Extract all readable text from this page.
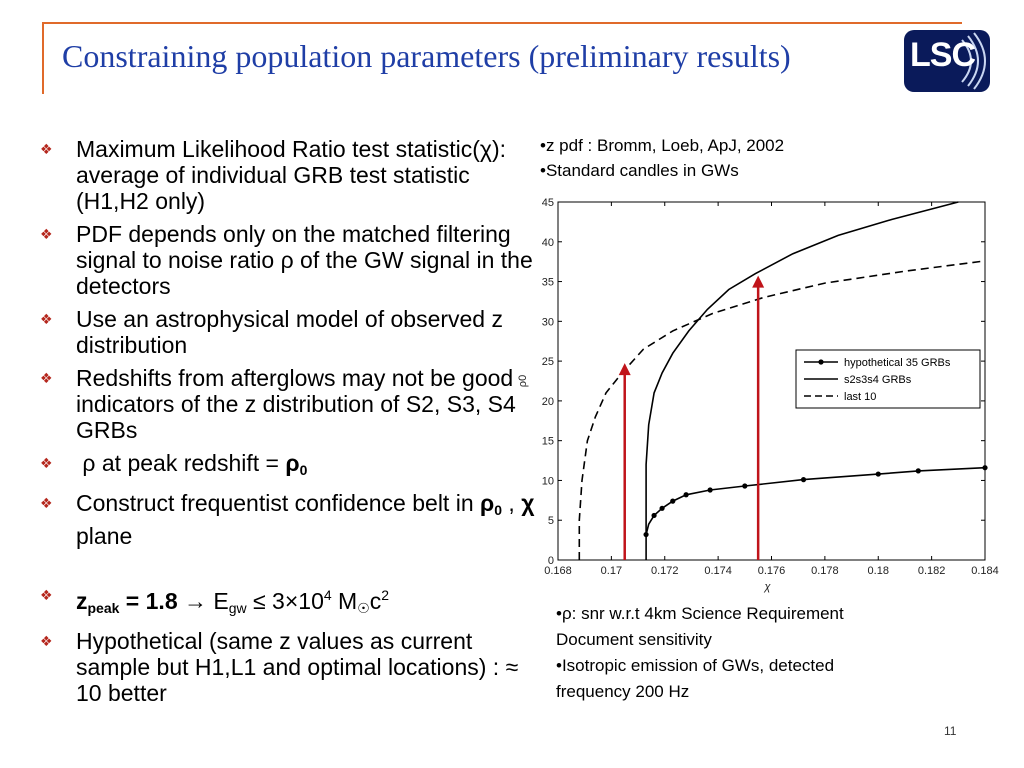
Constraining population parameters (preliminary results)	LSC
❖ Maximum Likelihood Ratio test statistic(χ): average of individual GRB test statistic (H1,H2 only)
❖ PDF depends only on the matched filtering signal to noise ratio ρ of the GW signal in the detectors
❖ Use an astrophysical model of observed z distribution
❖ Redshifts from afterglows may not be good indicators of the z distribution of S2, S3, S4 GRBs
❖ ρ at peak redshift = $\rho_0$
❖ Construct frequentist confidence belt in $\rho_0$ , χ plane
❖ $z_{peak} = 1.8 \to E_{gw} \le 3\times 10^4$ $M_☉c^2$
❖ Hypothetical (same z values as current sample but H1,L1 and optimal locations) : ≈ 10 better
•z pdf : Bromm, Loeb, ApJ, 2002
•Standard candles in GWs
•ρ: snr w.r.t 4km Science Requirement
Document sensitivity
•Isotropic emission of GWs, detected
frequency 200 Hz
0.168	0.17	0.172 0.174 0.176 0.178	0.18	0.182 0.184
0
5
10
15
20
25
30
35
40
45
χ
ρ0
hypothetical 35 GRBs
s2s3s4 GRBs
last 10
11
